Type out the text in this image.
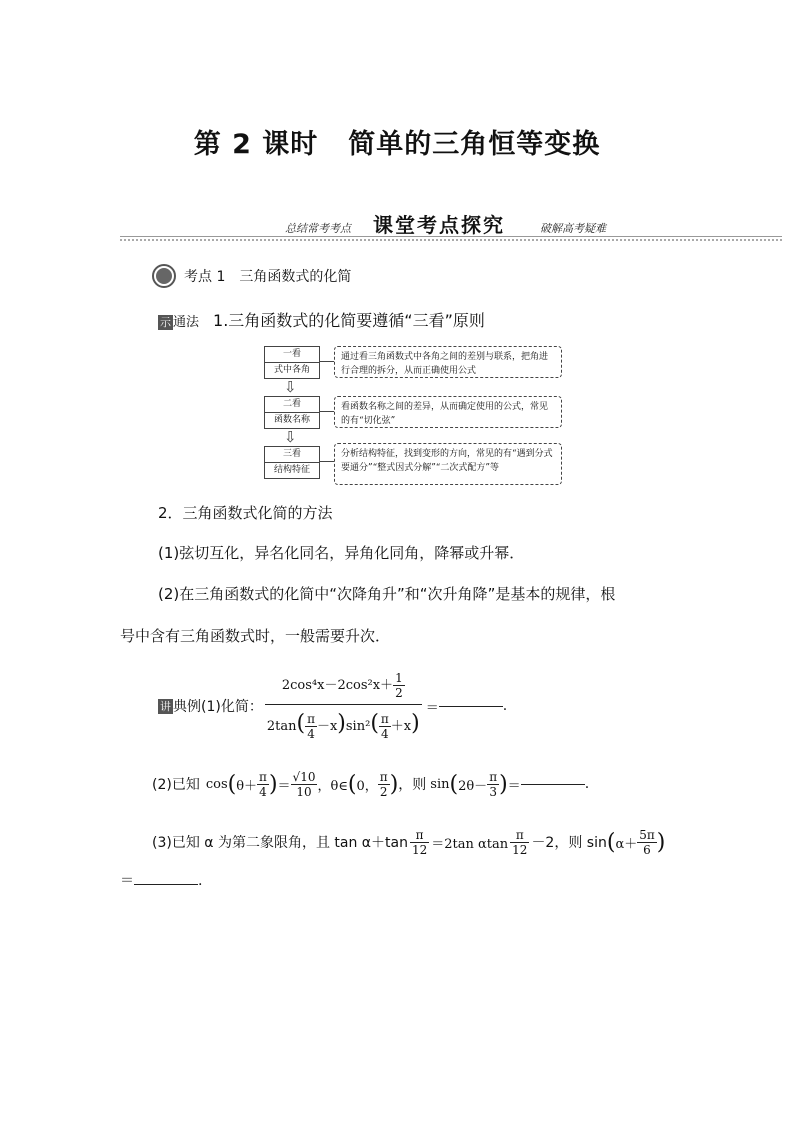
第 2 课时 简单的三角恒等变换
总结常考考点 课堂考点探究	破解高考疑难
考点 1 三角函数式的化简
示 通法 1.三角函数式的化简要遵循“三看”原则
一看
式中各角
通过看三角函数式中各角之间的差别与联系，把角进行合理的拆分，从而正确使用公式
⇩
二看
函数名称
看函数名称之间的差异，从而确定使用的公式，常见的有“切化弦”
⇩
三看
结构特征
分析结构特征，找到变形的方向，常见的有“遇到分式要通分”“整式因式分解”“二次式配方”等
2．三角函数式化简的方法
(1)弦切互化，异名化同名，异角化同角，降幂或升幂．
(2)在三角函数式的化简中“次降角升”和“次升角降”是基本的规律，根
号中含有三角函数式时，一般需要升次．
讲 典例 (1)化简： $\frac{2\cos^4x-2\cos^2x+ \frac{1}{2}}{2\tan( \frac{\pi}{4} -x)\sin^2( \frac{\pi}{4} +x)}$ ＝	.
(2)已知 cos ( $\theta+ \frac{\pi}{4}$ ) ＝ $\frac{√10}{10}$ ，θ∈ ( 0， $\frac{\pi}{2}$ ) ，则 sin ( $2\theta- \frac{\pi}{3}$ ) ＝	.
(3)已知 α 为第二象限角，且 $\tan \alpha+\tan \frac{\pi}{12} =2\tan$ αtan $\frac{\pi}{12} -2$，则 sin ( $\alpha+ \frac{5\pi}{6}$ )
＝	.
